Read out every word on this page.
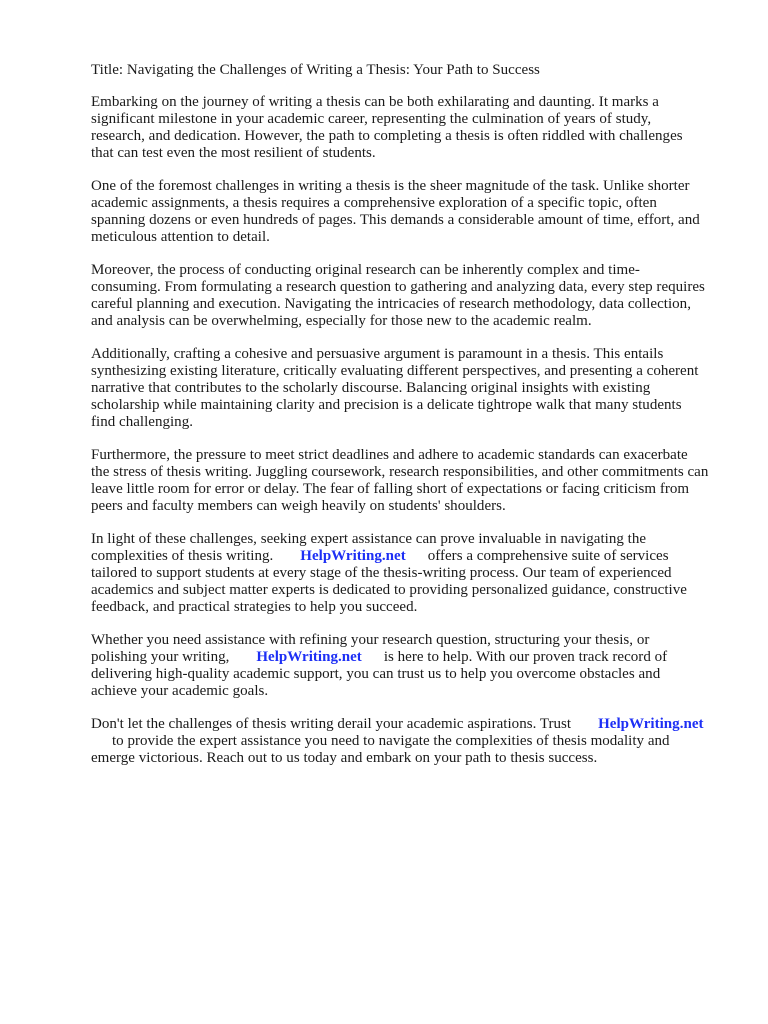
Title: Navigating the Challenges of Writing a Thesis: Your Path to Success
Embarking on the journey of writing a thesis can be both exhilarating and daunting. It marks a
significant milestone in your academic career, representing the culmination of years of study,
research, and dedication. However, the path to completing a thesis is often riddled with challenges
that can test even the most resilient of students.
One of the foremost challenges in writing a thesis is the sheer magnitude of the task. Unlike shorter
academic assignments, a thesis requires a comprehensive exploration of a specific topic, often
spanning dozens or even hundreds of pages. This demands a considerable amount of time, effort, and
meticulous attention to detail.
Moreover, the process of conducting original research can be inherently complex and time-
consuming. From formulating a research question to gathering and analyzing data, every step requires
careful planning and execution. Navigating the intricacies of research methodology, data collection,
and analysis can be overwhelming, especially for those new to the academic realm.
Additionally, crafting a cohesive and persuasive argument is paramount in a thesis. This entails
synthesizing existing literature, critically evaluating different perspectives, and presenting a coherent
narrative that contributes to the scholarly discourse. Balancing original insights with existing
scholarship while maintaining clarity and precision is a delicate tightrope walk that many students
find challenging.
Furthermore, the pressure to meet strict deadlines and adhere to academic standards can exacerbate
the stress of thesis writing. Juggling coursework, research responsibilities, and other commitments can
leave little room for error or delay. The fear of falling short of expectations or facing criticism from
peers and faculty members can weigh heavily on students' shoulders.
In light of these challenges, seeking expert assistance can prove invaluable in navigating the
complexities of thesis writing. HelpWriting.net offers a comprehensive suite of services
tailored to support students at every stage of the thesis-writing process. Our team of experienced
academics and subject matter experts is dedicated to providing personalized guidance, constructive
feedback, and practical strategies to help you succeed.
Whether you need assistance with refining your research question, structuring your thesis, or
polishing your writing, HelpWriting.net is here to help. With our proven track record of
delivering high-quality academic support, you can trust us to help you overcome obstacles and
achieve your academic goals.
Don't let the challenges of thesis writing derail your academic aspirations. Trust HelpWriting.net
to provide the expert assistance you need to navigate the complexities of thesis modality and
emerge victorious. Reach out to us today and embark on your path to thesis success.
